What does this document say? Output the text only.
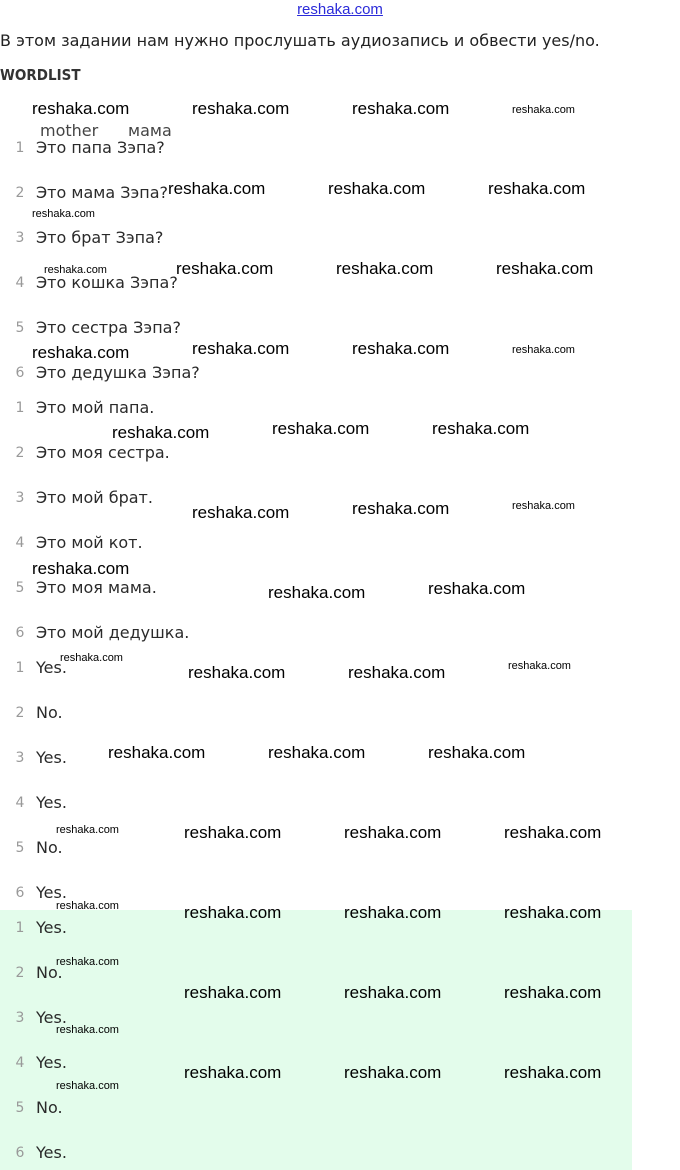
reshaka.com
В этом задании нам нужно прослушать аудиозапись и обвести yes/no.
WORDLIST
mother мама
1 Это папа Зэпа?
2 Это мама Зэпа?
3 Это брат Зэпа?
4 Это кошка Зэпа?
5 Это сестра Зэпа?
6 Это дедушка Зэпа?
1 Это мой папа.
2 Это моя сестра.
3 Это мой брат.
4 Это мой кот.
5 Это моя мама.
6 Это мой дедушка.
1 Yes.
2 No.
3 Yes.
4 Yes.
5 No.
6 Yes.
1 Yes.
2 No.
3 Yes.
4 Yes.
5 No.
6 Yes.
reshaka.com	reshaka.com	reshaka.com	reshaka.com
reshaka.com	reshaka.com	reshaka.com
reshaka.com
reshaka.com	reshaka.com	reshaka.com	reshaka.com
reshaka.com	reshaka.com	reshaka.com	reshaka.com
reshaka.com	reshaka.com	reshaka.com
reshaka.com	reshaka.com	reshaka.com
reshaka.com
reshaka.com	reshaka.com
reshaka.com
reshaka.com	reshaka.com	reshaka.com
reshaka.com	reshaka.com	reshaka.com
reshaka.com	reshaka.com	reshaka.com	reshaka.com
reshaka.com	reshaka.com	reshaka.com	reshaka.com
reshaka.com
reshaka.com	reshaka.com	reshaka.com
reshaka.com
reshaka.com	reshaka.com	reshaka.com
reshaka.com
